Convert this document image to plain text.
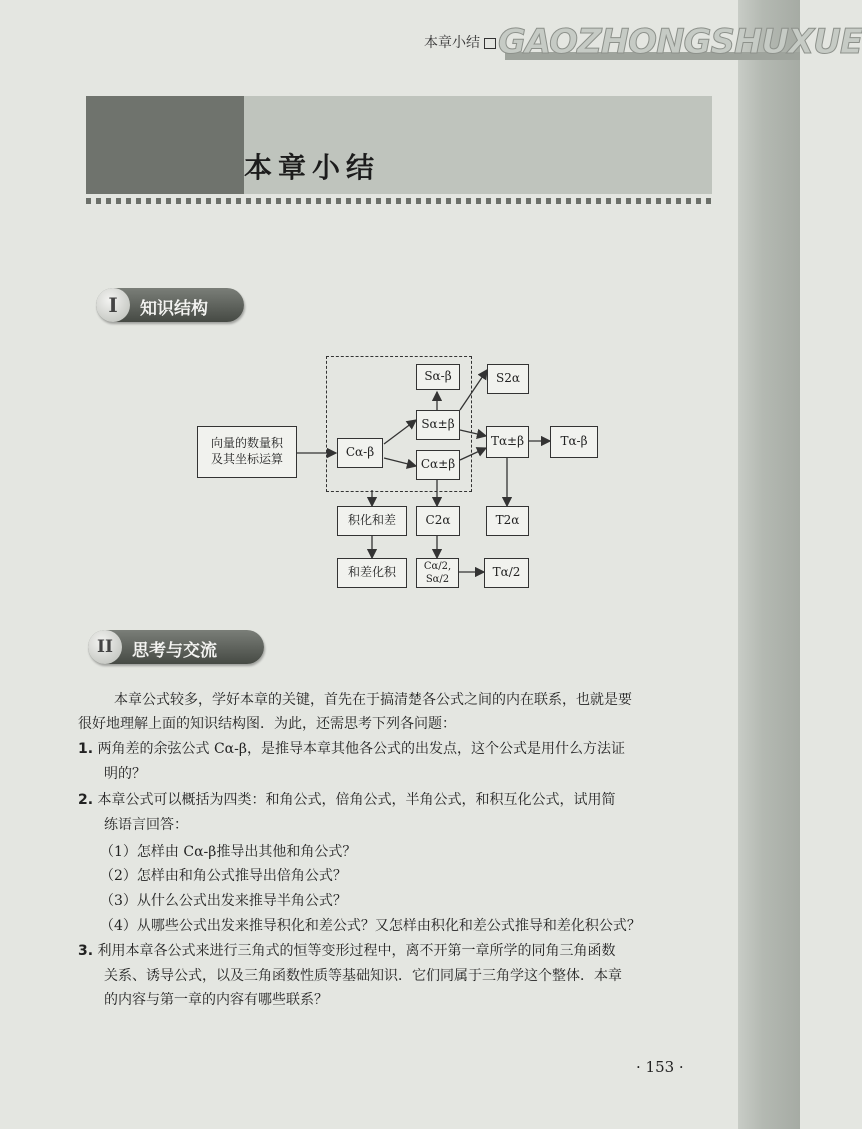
本章小结 GAOZHONGSHUXUE
本章小结
I	知识结构
向量的数量积
及其坐标运算	Cα-β
Sα-β
Sα±β
Cα±β
S2α
Tα±β	Tα-β
积化和差	C2α	T2α
和差化积	Cα/2, Sα/2
Tα/2
II	思考与交流
本章公式较多，学好本章的关键，首先在于搞清楚各公式之间的内在联系，也就是要
很好地理解上面的知识结构图．为此，还需思考下列各问题：
1. 两角差的余弦公式 Cα-β，是推导本章其他各公式的出发点，这个公式是用什么方法证
明的？
2. 本章公式可以概括为四类：和角公式，倍角公式，半角公式，和积互化公式，试用简
练语言回答：
（1）怎样由 Cα-β推导出其他和角公式？
（2）怎样由和角公式推导出倍角公式？
（3）从什么公式出发来推导半角公式？
（4）从哪些公式出发来推导积化和差公式？又怎样由积化和差公式推导和差化积公式？
3. 利用本章各公式来进行三角式的恒等变形过程中，离不开第一章所学的同角三角函数
关系、诱导公式，以及三角函数性质等基础知识．它们同属于三角学这个整体．本章
的内容与第一章的内容有哪些联系？
· 153 ·
